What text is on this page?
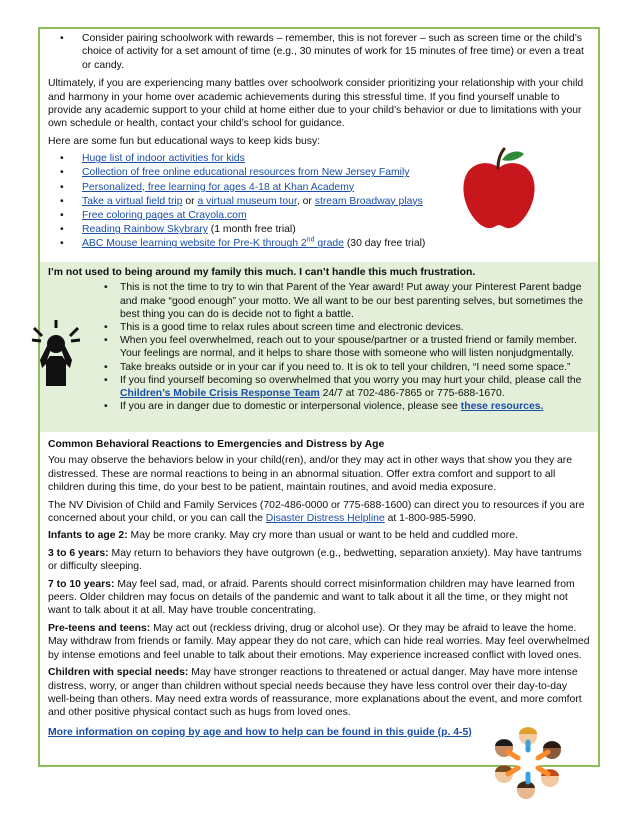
• Consider pairing schoolwork with rewards – remember, this is not forever – such as screen time or the child’s choice of activity for a set amount of time (e.g., 30 minutes of work for 15 minutes of free time) or even a treat or candy.

Ultimately, if you are experiencing many battles over schoolwork consider prioritizing your relationship with your child and harmony in your home over academic achievements during this stressful time. If you find yourself unable to provide any academic support to your child at home either due to your child’s behavior or due to limitations with your own schedule or health, contact your child’s school for guidance.

Here are some fun but educational ways to keep kids busy:

• Huge list of indoor activities for kids
• Collection of free online educational resources from New Jersey Family
• Personalized, free learning for ages 4-18 at Khan Academy
• Take a virtual field trip or a virtual museum tour, or stream Broadway plays
• Free coloring pages at Crayola.com
• Reading Rainbow Skybrary (1 month free trial)
• ABC Mouse learning website for Pre-K through 2nd grade (30 day free trial)
I’m not used to being around my family this much. I can’t handle this much frustration.
• This is not the time to try to win that Parent of the Year award! Put away your Pinterest Parent badge and make “good enough” your motto. We all want to be our best parenting selves, but sometimes the best thing you can do is decide not to fight a battle.
• This is a good time to relax rules about screen time and electronic devices.
• When you feel overwhelmed, reach out to your spouse/partner or a trusted friend or family member. Your feelings are normal, and it helps to share those with someone who will listen nonjudgmentally.
• Take breaks outside or in your car if you need to. It is ok to tell your children, “I need some space.”
• If you find yourself becoming so overwhelmed that you worry you may hurt your child, please call the Children’s Mobile Crisis Response Team 24/7 at 702-486-7865 or 775-688-1670.
• If you are in danger due to domestic or interpersonal violence, please see these resources.
Common Behavioral Reactions to Emergencies and Distress by Age

You may observe the behaviors below in your child(ren), and/or they may act in other ways that show you they are distressed. These are normal reactions to being in an abnormal situation. Offer extra comfort and support to all children during this time, do your best to be patient, maintain routines, and avoid media exposure.

The NV Division of Child and Family Services (702-486-0000 or 775-688-1600) can direct you to resources if you are concerned about your child, or you can call the Disaster Distress Helpline at 1-800-985-5990.

Infants to age 2: May be more cranky. May cry more than usual or want to be held and cuddled more.

3 to 6 years: May return to behaviors they have outgrown (e.g., bedwetting, separation anxiety). May have tantrums or difficulty sleeping.

7 to 10 years: May feel sad, mad, or afraid. Parents should correct misinformation children may have learned from peers. Older children may focus on details of the pandemic and want to talk about it all the time, or they might not want to talk about it at all. May have trouble concentrating.

Pre-teens and teens: May act out (reckless driving, drug or alcohol use). Or they may be afraid to leave the home. May withdraw from friends or family. May appear they do not care, which can hide real worries. May feel overwhelmed by intense emotions and feel unable to talk about their emotions. May experience increased conflict with loved ones.

Children with special needs: May have stronger reactions to threatened or actual danger. May have more intense distress, worry, or anger than children without special needs because they have less control over their day-to-day well-being than others. May need extra words of reassurance, more explanations about the event, and more comfort and other positive physical contact such as hugs from loved ones.

More information on coping by age and how to help can be found in this guide (p. 4-5)
